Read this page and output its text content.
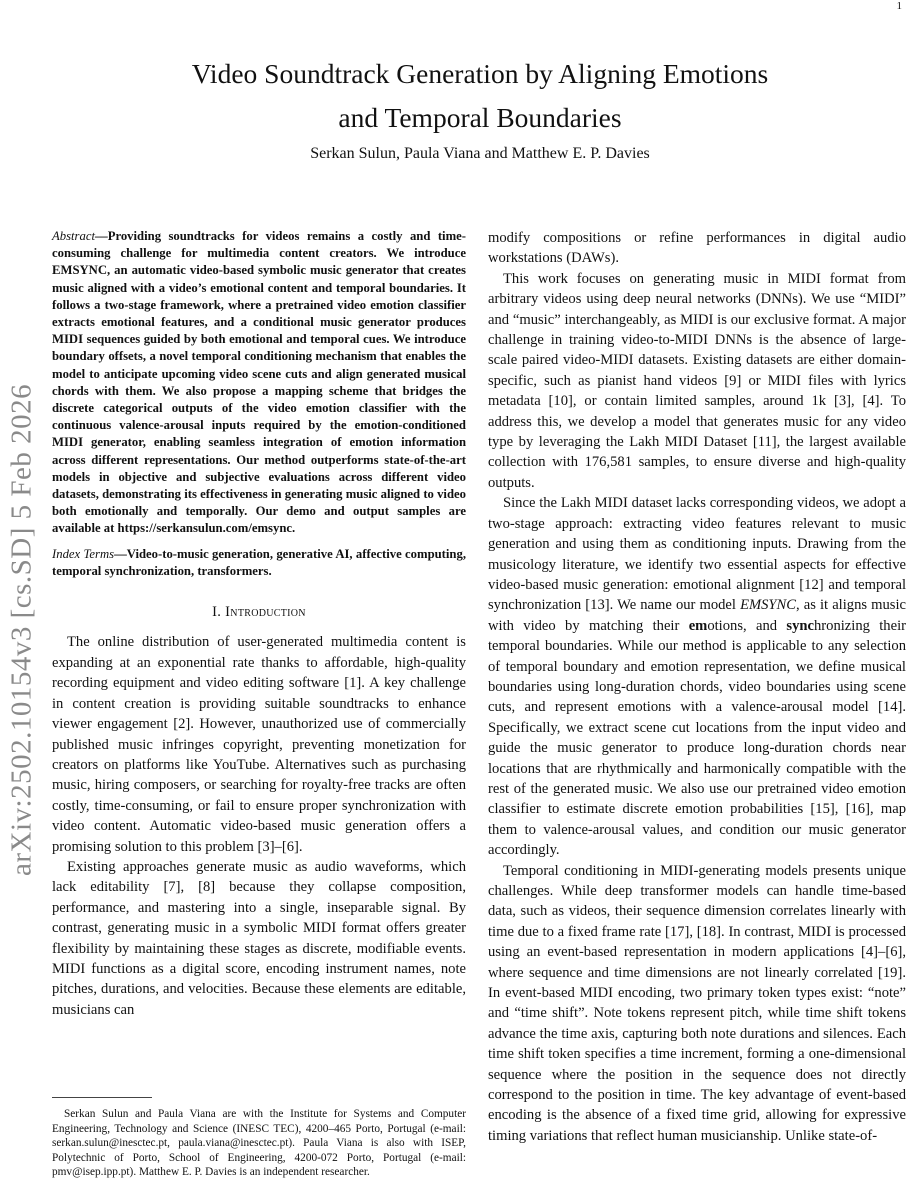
1
arXiv:2502.10154v3 [cs.SD] 5 Feb 2026
Video Soundtrack Generation by Aligning Emotions
and Temporal Boundaries
Serkan Sulun, Paula Viana and Matthew E. P. Davies

Abstract—Providing soundtracks for videos remains a costly and time-consuming challenge for multimedia content creators. We introduce EMSYNC, an automatic video-based symbolic music generator that creates music aligned with a video’s emotional content and temporal boundaries. It follows a two-stage framework, where a pretrained video emotion classifier extracts emotional features, and a conditional music generator produces MIDI sequences guided by both emotional and temporal cues. We introduce boundary offsets, a novel temporal conditioning mechanism that enables the model to anticipate upcoming video scene cuts and align generated musical chords with them. We also propose a mapping scheme that bridges the discrete categorical outputs of the video emotion classifier with the continuous valence-arousal inputs required by the emotion-conditioned MIDI generator, enabling seamless integration of emotion information across different representations. Our method outperforms state-of-the-art models in objective and subjective evaluations across different video datasets, demonstrating its effectiveness in generating music aligned to video both emotionally and temporally. Our demo and output samples are available at https://serkansulun.com/emsync.

Index Terms—Video-to-music generation, generative AI, affective computing, temporal synchronization, transformers.

I. Introduction

The online distribution of user-generated multimedia content is expanding at an exponential rate thanks to affordable, high-quality recording equipment and video editing software [1]. A key challenge in content creation is providing suitable soundtracks to enhance viewer engagement [2]. However, unauthorized use of commercially published music infringes copyright, preventing monetization for creators on platforms like YouTube. Alternatives such as purchasing music, hiring composers, or searching for royalty-free tracks are often costly, time-consuming, or fail to ensure proper synchronization with video content. Automatic video-based music generation offers a promising solution to this problem [3]–[6].

Existing approaches generate music as audio waveforms, which lack editability [7], [8] because they collapse composition, performance, and mastering into a single, inseparable signal. By contrast, generating music in a symbolic MIDI format offers greater flexibility by maintaining these stages as discrete, modifiable events. MIDI functions as a digital score, encoding instrument names, note pitches, durations, and velocities. Because these elements are editable, musicians can

Serkan Sulun and Paula Viana are with the Institute for Systems and Computer Engineering, Technology and Science (INESC TEC), 4200–465 Porto, Portugal (e-mail: serkan.sulun@inesctec.pt, paula.viana@inesctec.pt). Paula Viana is also with ISEP, Polytechnic of Porto, School of Engineering, 4200-072 Porto, Portugal (e-mail: pmv@isep.ipp.pt). Matthew E. P. Davies is an independent researcher.

modify compositions or refine performances in digital audio workstations (DAWs).

This work focuses on generating music in MIDI format from arbitrary videos using deep neural networks (DNNs). We use “MIDI” and “music” interchangeably, as MIDI is our exclusive format. A major challenge in training video-to-MIDI DNNs is the absence of large-scale paired video-MIDI datasets. Existing datasets are either domain-specific, such as pianist hand videos [9] or MIDI files with lyrics metadata [10], or contain limited samples, around 1k [3], [4]. To address this, we develop a model that generates music for any video type by leveraging the Lakh MIDI Dataset [11], the largest available collection with 176,581 samples, to ensure diverse and high-quality outputs.

Since the Lakh MIDI dataset lacks corresponding videos, we adopt a two-stage approach: extracting video features relevant to music generation and using them as conditioning inputs. Drawing from the musicology literature, we identify two essential aspects for effective video-based music generation: emotional alignment [12] and temporal synchronization [13]. We name our model EMSYNC, as it aligns music with video by matching their emotions, and synchronizing their temporal boundaries. While our method is applicable to any selection of temporal boundary and emotion representation, we define musical boundaries using long-duration chords, video boundaries using scene cuts, and represent emotions with a valence-arousal model [14]. Specifically, we extract scene cut locations from the input video and guide the music generator to produce long-duration chords near locations that are rhythmically and harmonically compatible with the rest of the generated music. We also use our pretrained video emotion classifier to estimate discrete emotion probabilities [15], [16], map them to valence-arousal values, and condition our music generator accordingly.

Temporal conditioning in MIDI-generating models presents unique challenges. While deep transformer models can handle time-based data, such as videos, their sequence dimension correlates linearly with time due to a fixed frame rate [17], [18]. In contrast, MIDI is processed using an event-based representation in modern applications [4]–[6], where sequence and time dimensions are not linearly correlated [19]. In event-based MIDI encoding, two primary token types exist: “note” and “time shift”. Note tokens represent pitch, while time shift tokens advance the time axis, capturing both note durations and silences. Each time shift token specifies a time increment, forming a one-dimensional sequence where the position in the sequence does not directly correspond to the position in time. The key advantage of event-based encoding is the absence of a fixed time grid, allowing for expressive timing variations that reflect human musicianship. Unlike state-of-
